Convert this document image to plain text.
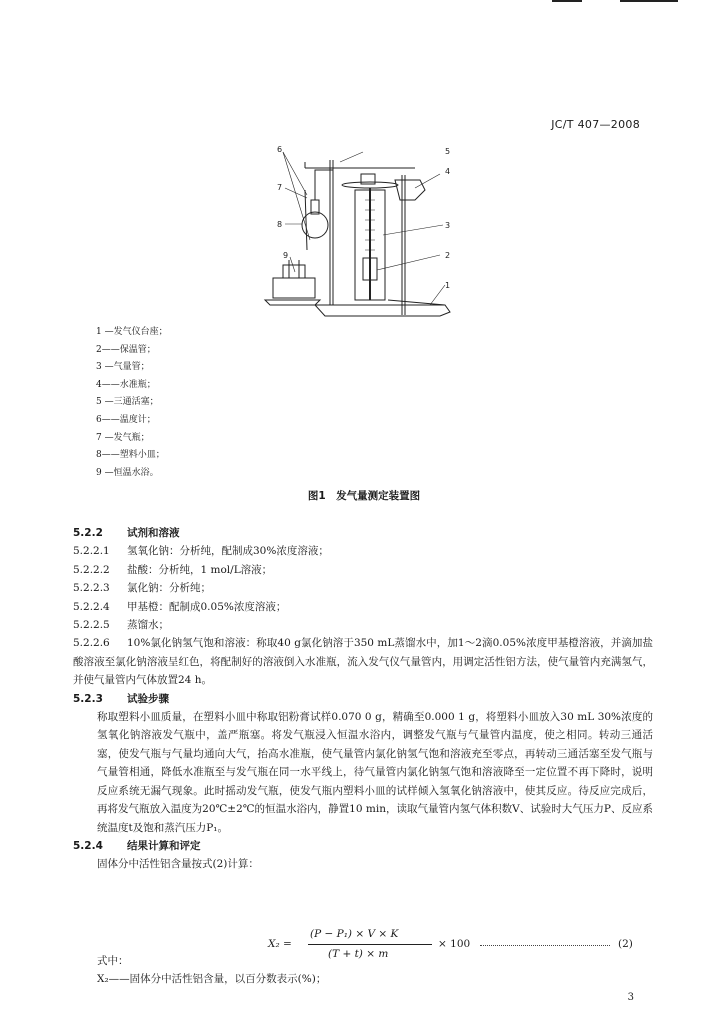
JC/T 407—2008
6	5
7
4
8	3
9	2
1
1 —发气仪台座；
2——保温管；
3 —气量管；
4——水准瓶；
5 —三通活塞；
6——温度计；
7 —发气瓶；
8——塑料小皿；
9 —恒温水浴。
图1　发气量测定装置图
5.2.2 试剂和溶液
5.2.2.1 氢氧化钠：分析纯，配制成30%浓度溶液；
5.2.2.2 盐酸：分析纯，1 mol/L溶液；
5.2.2.3 氯化钠：分析纯；
5.2.2.4 甲基橙：配制成0.05%浓度溶液；
5.2.2.5 蒸馏水；
5.2.2.6 10%氯化钠氢气饱和溶液：称取40 g氯化钠溶于350 mL蒸馏水中，加1～2滴0.05%浓度甲基橙溶液，并滴加盐酸溶液至氯化钠溶液呈红色，将配制好的溶液倒入水准瓶，流入发气仪气量管内，用调定活性铝方法，使气量管内充满氢气，并使气量管内气体放置24 h。
5.2.3 试验步骤
称取塑料小皿质量，在塑料小皿中称取铝粉膏试样0.070 0 g，精确至0.000 1 g，将塑料小皿放入30 mL 30%浓度的氢氧化钠溶液发气瓶中，盖严瓶塞。将发气瓶浸入恒温水浴内，调整发气瓶与气量管内温度，使之相同。转动三通活塞，使发气瓶与气量均通向大气，抬高水准瓶，使气量管内氯化钠氢气饱和溶液充至零点，再转动三通活塞至发气瓶与气量管相通，降低水准瓶至与发气瓶在同一水平线上，待气量管内氯化钠氢气饱和溶液降至一定位置不再下降时，说明反应系统无漏气现象。此时摇动发气瓶，使发气瓶内塑料小皿的试样倾入氢氧化钠溶液中，使其反应。待反应完成后，再将发气瓶放入温度为20℃±2℃的恒温水浴内，静置10 min，读取气量管内氢气体积数V、试验时大气压力P、反应系统温度t及饱和蒸汽压力P₁。
5.2.4 结果计算和评定
固体分中活性铝含量按式(2)计算：
X₂ =
(P − P₁) × V × K
(T + t) × m
× 100	(2)
式中：
X₂——固体分中活性铝含量，以百分数表示(%)；
3
